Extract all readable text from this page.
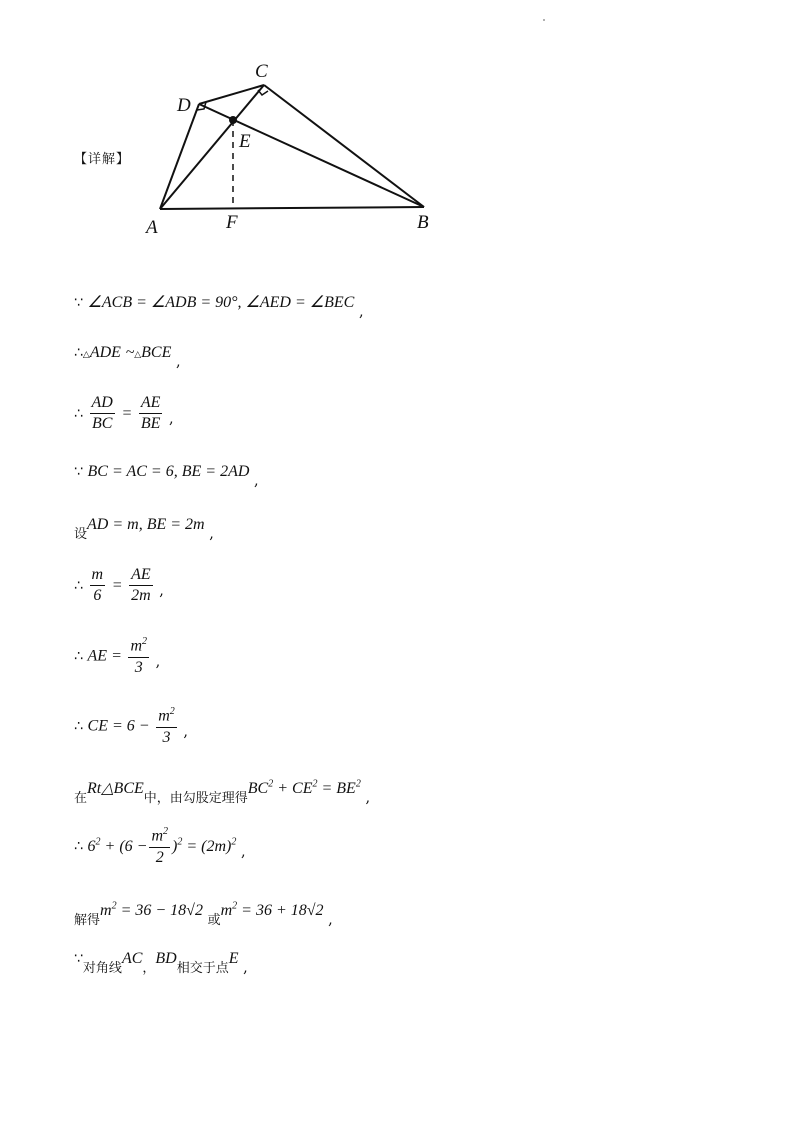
【详解】
A	B
C
D
E
F
∵ ∠ACB = ∠ADB = 90°, ∠AED = ∠BEC ,
∴△ADE ~△BCE ,
∴ $\frac{AD}{BC} = \frac{AE}{BE}$ ,
∵ BC = AC = 6, BE = 2AD ,
设AD = m, BE = 2m ,
∴ $\frac{m}{6} = \frac{AE}{2m}$ ,
∴ AE = $\frac{m^2}{3}$ ,
∴ CE = $6 - \frac{m^2}{3}$ ,
在Rt△BCE中，由勾股定理得$BC^2 + CE^2 = BE^2$ ,
∴ $6^2 + (6 - \frac{m^2}{2} )^2 = (2m)^2$ ,
解得$m^2 = 36 - 18√2$ 或$m^2 = 36 + 18√2$ ,
∵对角线AC，BD相交于点E ,
